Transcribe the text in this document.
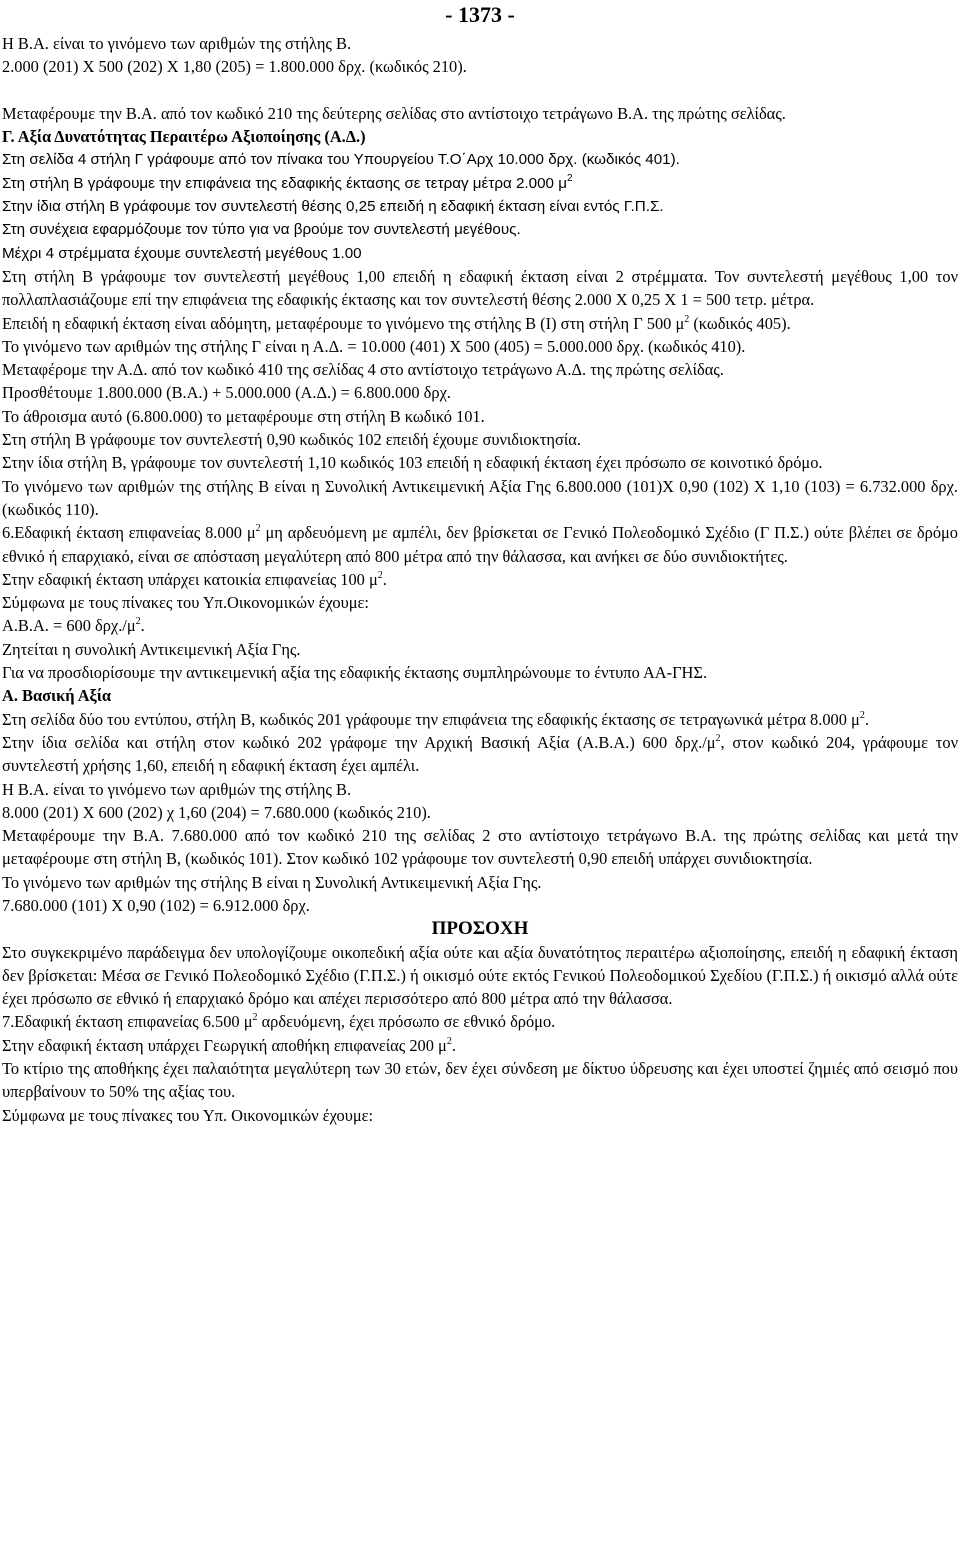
- 1373 -

Η Β.Α. είναι το γινόμενο των αριθμών της στήλης Β.

2.000 (201) Χ 500 (202) Χ 1,80 (205) = 1.800.000 δρχ. (κωδικός 210).

Μεταφέρουμε την Β.Α. από τον κωδικό 210 της δεύτερης σελίδας στο αντίστοιχο τετράγωνο Β.Α. της πρώτης σελίδας.

Γ. Αξία Δυνατότητας Περαιτέρω Αξιοποίησης (Α.Δ.)

Στη σελίδα 4 στήλη Γ γράφουμε από τον πίνακα του Υπουργείου Τ.Ο΄Αρχ 10.000 δρχ. (κωδικός 401).

Στη στήλη Β γράφουμε την επιφάνεια της εδαφικής έκτασης σε τετραγ μέτρα 2.000 $\mu^2$

Στην ίδια στήλη Β γράφουμε τον συντελεστή θέσης 0,25 επειδή η εδαφική έκταση είναι εντός Γ.Π.Σ.

Στη συνέχεια εφαρμόζουμε τον τύπο για να βρούμε τον συντελεστή μεγέθους.

Μέχρι 4 στρέμματα έχουμε συντελεστή μεγέθους 1.00

Στη στήλη Β γράφουμε τον συντελεστή μεγέθους 1,00 επειδή η εδαφική έκταση είναι 2 στρέμματα. Τον συντελεστή μεγέθους 1,00 τον πολλαπλασιάζουμε επί την επιφάνεια της εδαφικής έκτασης και τον συντελεστή θέσης 2.000 Χ 0,25 Χ 1 = 500 τετρ. μέτρα.

Επειδή η εδαφική έκταση είναι αδόμητη, μεταφέρουμε το γινόμενο της στήλης Β (Ι) στη στήλη Γ 500 $\mu^2$ (κωδικός 405).

Το γινόμενο των αριθμών της στήλης Γ είναι η Α.Δ. = 10.000 (401) Χ 500 (405) = 5.000.000 δρχ. (κωδικός 410).

Μεταφέρομε την Α.Δ. από τον κωδικό 410 της σελίδας 4 στο αντίστοιχο τετράγωνο Α.Δ. της πρώτης σελίδας.

Προσθέτουμε 1.800.000 (Β.Α.) + 5.000.000 (Α.Δ.) = 6.800.000 δρχ.

Το άθροισμα αυτό (6.800.000) το μεταφέρουμε στη στήλη Β κωδικό 101.

Στη στήλη Β γράφουμε τον συντελεστή 0,90 κωδικός 102 επειδή έχουμε συνιδιοκτησία.

Στην ίδια στήλη Β, γράφουμε τον συντελεστή 1,10 κωδικός 103 επειδή η εδαφική έκταση έχει πρόσωπο σε κοινοτικό δρόμο.

Το γινόμενο των αριθμών της στήλης Β είναι η Συνολική Αντικειμενική Αξία Γης 6.800.000 (101)Χ 0,90 (102) Χ 1,10 (103) = 6.732.000 δρχ. (κωδικός 110).

6.Εδαφική έκταση επιφανείας 8.000 $\mu^2$ μη αρδευόμενη με αμπέλι, δεν βρίσκεται σε Γενικό Πολεοδομικό Σχέδιο (Γ Π.Σ.) ούτε βλέπει σε δρόμο εθνικό ή επαρχιακό, είναι σε απόσταση μεγαλύτερη από 800 μέτρα από την θάλασσα, και ανήκει σε δύο συνιδιοκτήτες.

Στην εδαφική έκταση υπάρχει κατοικία επιφανείας 100 $\mu^2$.

Σύμφωνα με τους πίνακες του Υπ.Οικονομικών έχουμε:

Α.Β.Α. = 600 $\delta\rho\chi./\mu^2$.

Ζητείται η συνολική Αντικειμενική Αξία Γης.

Για να προσδιορίσουμε την αντικειμενική αξία της εδαφικής έκτασης συμπληρώνουμε το έντυπο ΑΑ-ΓΗΣ.

Α. Βασική Αξία

Στη σελίδα δύο του εντύπου, στήλη Β, κωδικός 201 γράφουμε την επιφάνεια της εδαφικής έκτασης σε τετραγωνικά μέτρα 8.000 $\mu^2$.

Στην ίδια σελίδα και στήλη στον κωδικό 202 γράφομε την Αρχική Βασική Αξία (Α.Β.Α.) 600 $\delta\rho\chi./\mu^2$, στον κωδικό 204, γράφουμε τον συντελεστή χρήσης 1,60, επειδή η εδαφική έκταση έχει αμπέλι.

Η Β.Α. είναι το γινόμενο των αριθμών της στήλης Β.

8.000 (201) Χ 600 (202) χ 1,60 (204) = 7.680.000 (κωδικός 210).

Μεταφέρουμε την Β.Α. 7.680.000 από τον κωδικό 210 της σελίδας 2 στο αντίστοιχο τετράγωνο Β.Α. της πρώτης σελίδας και μετά την μεταφέρουμε στη στήλη Β, (κωδικός 101). Στον κωδικό 102 γράφουμε τον συντελεστή 0,90 επειδή υπάρχει συνιδιοκτησία.

Το γινόμενο των αριθμών της στήλης Β είναι η Συνολική Αντικειμενική Αξία Γης.

7.680.000 (101) Χ 0,90 (102) = 6.912.000 δρχ.

ΠΡΟΣΟΧΗ

Στο συγκεκριμένο παράδειγμα δεν υπολογίζουμε οικοπεδική αξία ούτε και αξία δυνατότητος περαιτέρω αξιοποίησης, επειδή η εδαφική έκταση δεν βρίσκεται: Μέσα σε Γενικό Πολεοδομικό Σχέδιο (Γ.Π.Σ.) ή οικισμό ούτε εκτός Γενικού Πολεοδομικού Σχεδίου (Γ.Π.Σ.) ή οικισμό αλλά ούτε έχει πρόσωπο σε εθνικό ή επαρχιακό δρόμο και απέχει περισσότερο από 800 μέτρα από την θάλασσα.

7.Εδαφική έκταση επιφανείας 6.500 $\mu^2$ αρδευόμενη, έχει πρόσωπο σε εθνικό δρόμο.

Στην εδαφική έκταση υπάρχει Γεωργική αποθήκη επιφανείας 200 $\mu^2$.

Το κτίριο της αποθήκης έχει παλαιότητα μεγαλύτερη των 30 ετών, δεν έχει σύνδεση με δίκτυο ύδρευσης και έχει υποστεί ζημιές από σεισμό που υπερβαίνουν το 50% της αξίας του.

Σύμφωνα με τους πίνακες του Υπ. Οικονομικών έχουμε:
